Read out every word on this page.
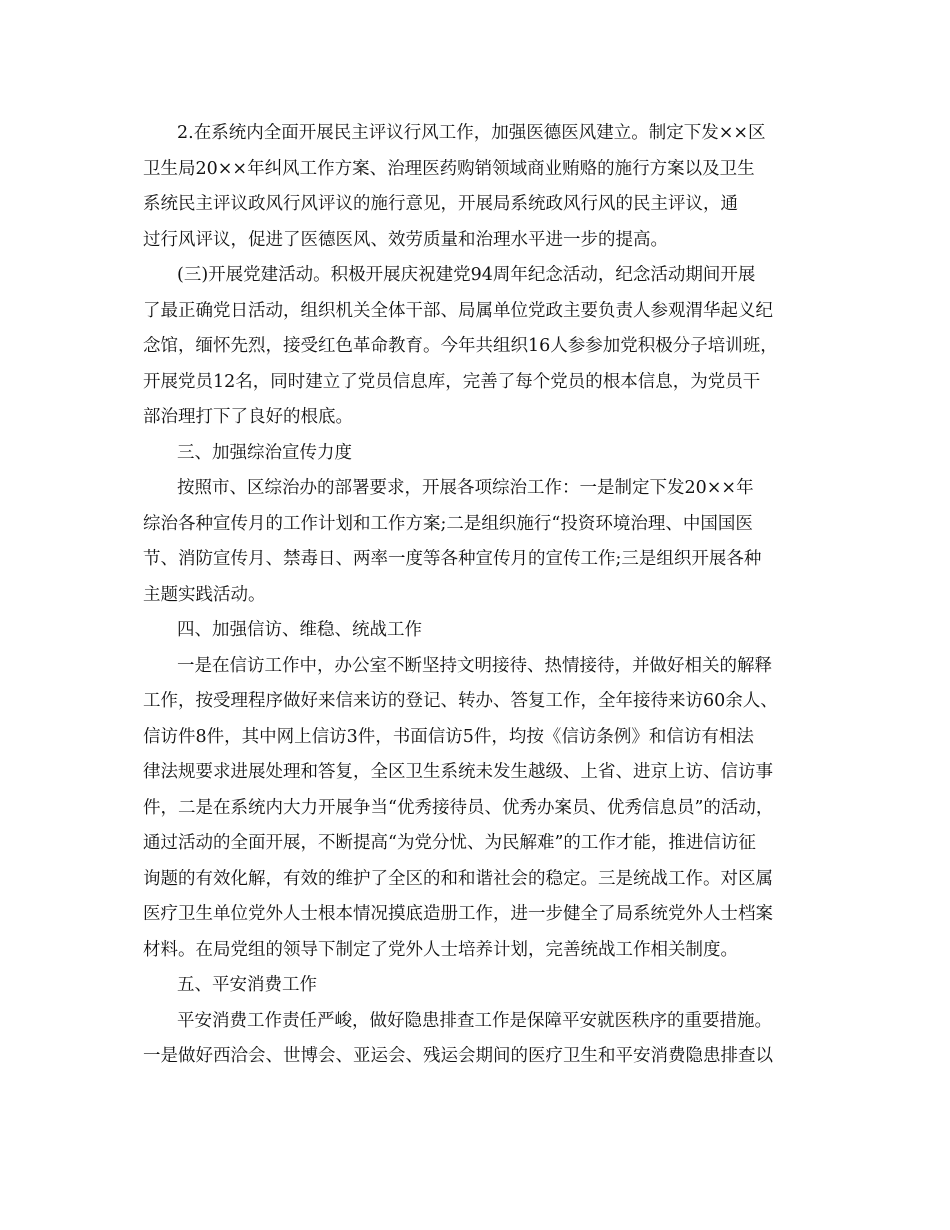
2.在系统内全面开展民主评议行风工作，加强医德医风建立。制定下发××区
卫生局20××年纠风工作方案、治理医药购销领域商业贿赂的施行方案以及卫生
系统民主评议政风行风评议的施行意见，开展局系统政风行风的民主评议，通
过行风评议，促进了医德医风、效劳质量和治理水平进一步的提高。
(三)开展党建活动。积极开展庆祝建党94周年纪念活动，纪念活动期间开展
了最正确党日活动，组织机关全体干部、局属单位党政主要负责人参观渭华起义纪
念馆，缅怀先烈，接受红色革命教育。今年共组织16人参参加党积极分子培训班，
开展党员12名，同时建立了党员信息库，完善了每个党员的根本信息，为党员干
部治理打下了良好的根底。
三、加强综治宣传力度
按照市、区综治办的部署要求，开展各项综治工作：一是制定下发20××年
综治各种宣传月的工作计划和工作方案;二是组织施行“投资环境治理、中国国医
节、消防宣传月、禁毒日、两率一度等各种宣传月的宣传工作;三是组织开展各种
主题实践活动。
四、加强信访、维稳、统战工作
一是在信访工作中，办公室不断坚持文明接待、热情接待，并做好相关的解释
工作，按受理程序做好来信来访的登记、转办、答复工作，全年接待来访60余人、
信访件8件，其中网上信访3件，书面信访5件，均按《信访条例》和信访有相法
律法规要求进展处理和答复，全区卫生系统未发生越级、上省、进京上访、信访事
件，二是在系统内大力开展争当“优秀接待员、优秀办案员、优秀信息员”的活动，
通过活动的全面开展，不断提高“为党分忧、为民解难”的工作才能，推进信访征
询题的有效化解，有效的维护了全区的和和谐社会的稳定。三是统战工作。对区属
医疗卫生单位党外人士根本情况摸底造册工作，进一步健全了局系统党外人士档案
材料。在局党组的领导下制定了党外人士培养计划，完善统战工作相关制度。
五、平安消费工作
平安消费工作责任严峻，做好隐患排查工作是保障平安就医秩序的重要措施。
一是做好西洽会、世博会、亚运会、残运会期间的医疗卫生和平安消费隐患排查以
